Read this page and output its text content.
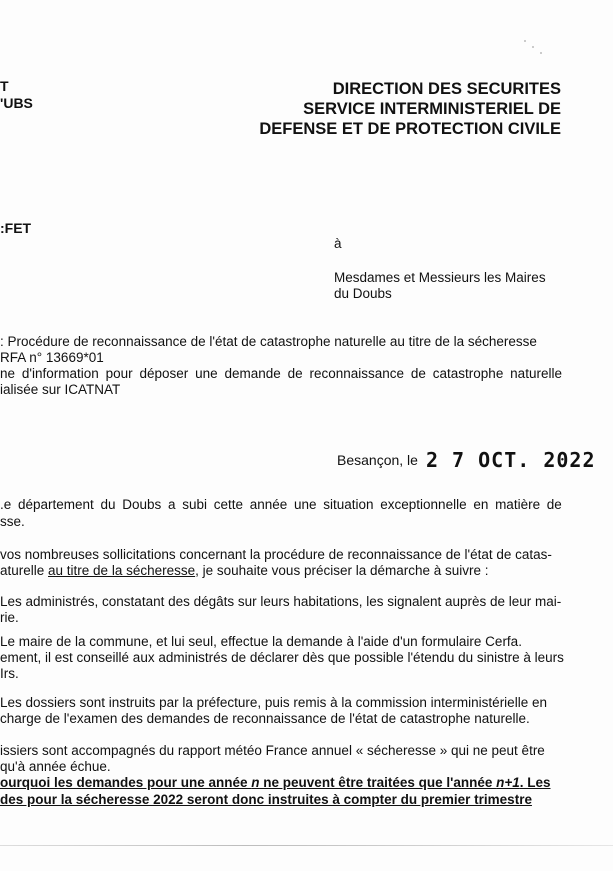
T
'UBS
DIRECTION DES SECURITES
SERVICE INTERMINISTERIEL DE
DEFENSE ET DE PROTECTION CIVILE
:FET
à
Mesdames et Messieurs les Maires
du Doubs
: Procédure de reconnaissance de l'état de catastrophe naturelle au titre de la sécheresse
RFA n° 13669*01
ne d'information pour déposer une demande de reconnaissance de catastrophe naturelle
ialisée sur ICATNAT
Besançon, le 2 7 OCT. 2022
.e département du Doubs a subi cette année une situation exceptionnelle en matière de
sse.
vos nombreuses sollicitations concernant la procédure de reconnaissance de l'état de catas-
aturelle au titre de la sécheresse, je souhaite vous préciser la démarche à suivre :
Les administrés, constatant des dégâts sur leurs habitations, les signalent auprès de leur mai-
rie.
Le maire de la commune, et lui seul, effectue la demande à l'aide d'un formulaire Cerfa.
ement, il est conseillé aux administrés de déclarer dès que possible l'étendu du sinistre à leurs
Irs.
Les dossiers sont instruits par la préfecture, puis remis à la commission interministérielle en
charge de l'examen des demandes de reconnaissance de l'état de catastrophe naturelle.
issiers sont accompagnés du rapport météo France annuel « sécheresse » qui ne peut être
qu'à année échue.
ourquoi les demandes pour une année n ne peuvent être traitées que l'année n+1. Les
des pour la sécheresse 2022 seront donc instruites à compter du premier trimestre
